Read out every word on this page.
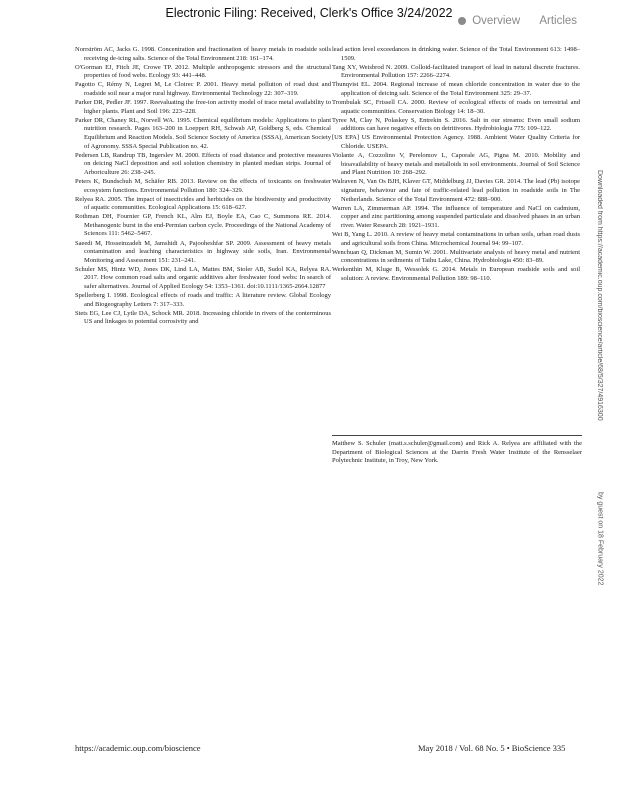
Electronic Filing: Received, Clerk's Office 3/24/2022
Overview Articles

Norrström AC, Jacks G. 1998. Concentration and fractionation of heavy metals in roadside soils receiving de-icing salts. Science of the Total Environment 218: 161–174.

O'Gorman EJ, Fitch JE, Crowe TP. 2012. Multiple anthropogenic stressors and the structural properties of food webs. Ecology 93: 441–448.

Pagotto C, Rémy N, Legret M, Le Cloirec P. 2001. Heavy metal pollution of road dust and roadside soil near a major rural highway. Environmental Technology 22: 307–319.

Parker DR, Pedler JF. 1997. Reevaluating the free-ion activity model of trace metal availability to higher plants. Plant and Soil 196: 223–228.

Parker DR, Chaney RL, Norvell WA. 1995. Chemical equilibrium models: Applications to plant nutrition research. Pages 163–200 in Loeppert RH, Schwab AP, Goldberg S, eds. Chemical Equilibrium and Reaction Models. Soil Science Society of America (SSSA), American Society of Agronomy. SSSA Special Publication no. 42.

Pedersen LB, Randrup TB, Ingerslev M. 2000. Effects of road distance and protective measures on deicing NaCl deposition and soil solution chemistry in planted median strips. Journal of Arboriculture 26: 238–245.

Peters K, Bundschuh M, Schäfer RB. 2013. Review on the effects of toxicants on freshwater ecosystem functions. Environmental Pollution 180: 324–329.

Relyea RA. 2005. The impact of insecticides and herbicides on the biodiversity and productivity of aquatic communities. Ecological Applications 15: 618–627.

Rothman DH, Fournier GP, French KL, Alm EJ, Boyle EA, Cao C, Summons RE. 2014. Methanogenic burst in the end-Permian carbon cycle. Proceedings of the National Academy of Sciences 111: 5462–5467.

Saeedi M, Hosseinzadeh M, Jamshidi A, Pajooheshfar SP. 2009. Assessment of heavy metals contamination and leaching characteristics in highway side soils, Iran. Environmental Monitoring and Assessment 151: 231–241.

Schuler MS, Hintz WD, Jones DK, Lind LA, Mattes BM, Stoler AB, Sudol KA, Relyea RA. 2017. How common road salts and organic additives alter freshwater food webs: In search of safer alternatives. Journal of Applied Ecology 54: 1353–1361. doi:10.1111/1365-2664.12877

Spellerberg I. 1998. Ecological effects of roads and traffic: A literature review. Global Ecology and Biogeography Letters 7: 317–333.

Stets EG, Lee CJ, Lytle DA, Schock MR. 2018. Increasing chloride in rivers of the conterminous US and linkages to potential corrosivity and

lead action level exceedances in drinking water. Science of the Total Environment 613: 1498–1509.

Tang XY, Weisbrod N. 2009. Colloid-facilitated transport of lead in natural discrete fractures. Environmental Pollution 157: 2266–2274.

Thunqvist EL. 2004. Regional increase of mean chloride concentration in water due to the application of deicing salt. Science of the Total Environment 325: 29–37.

Trombulak SC, Frissell CA. 2000. Review of ecological effects of roads on terrestrial and aquatic communities. Conservation Biology 14: 18–30.

Tyree M, Clay N, Polaskey S, Entrekin S. 2016. Salt in our streams: Even small sodium additions can have negative effects on detritivores. Hydrobiologia 775: 109–122.

[US EPA] US Environmental Protection Agency. 1988. Ambient Water Quality Criteria for Chloride. USEPA.

Violante A, Cozzolino V, Perelomov L, Caporale AG, Pigna M. 2010. Mobility and bioavailability of heavy metals and metalloids in soil environments. Journal of Soil Science and Plant Nutrition 10: 268–292.

Walraven N, Van Os BJH, Klaver GT, Middelburg JJ, Davies GR. 2014. The lead (Pb) isotope signature, behaviour and fate of traffic-related lead pollution in roadside soils in The Netherlands. Science of the Total Environment 472: 888–900.

Warren LA, Zimmerman AP. 1994. The influence of temperature and NaCl on cadmium, copper and zinc partitioning among suspended particulate and dissolved phases in an urban river. Water Research 28: 1921–1931.

Wei B, Yang L. 2010. A review of heavy metal contaminations in urban soils, urban road dusts and agricultural soils from China. Microchemical Journal 94: 99–107.

Wenchuan Q, Dickman M, Sumin W. 2001. Multivariate analysis of heavy metal and nutrient concentrations in sediments of Taihu Lake, China. Hydrobiologia 450: 83–89.

Werkenthin M, Kluge B, Wessolek G. 2014. Metals in European roadside soils and soil solution: A review. Environmental Pollution 189: 98–110.

Matthew S. Schuler (matt.s.schuler@gmail.com) and Rick A. Relyea are affiliated with the Department of Biological Sciences at the Darrin Fresh Water Institute of the Rensselaer Polytechnic Institute, in Troy, New York.
Downloaded from https://academic.oup.com/bioscience/article/68/5/327/4916300 by guest on 18 February 2022
https://academic.oup.com/bioscience	May 2018 / Vol. 68 No. 5 • BioScience 335
